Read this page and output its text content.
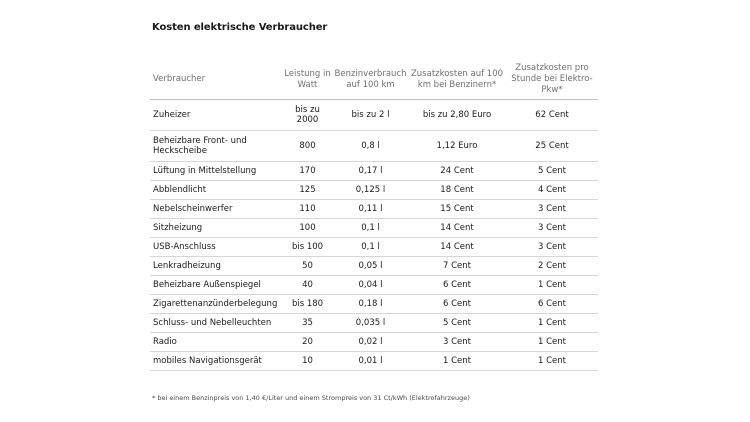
Kosten elektrische Verbraucher
Verbraucher	Leistung in Watt	Benzinverbrauch auf 100 km	Zusatzkosten auf 100 km bei Benzinern*	Zusatzkosten pro Stunde bei Elektro-Pkw*
Zuheizer	bis zu 2000	bis zu 2 l	bis zu 2,80 Euro	62 Cent
Beheizbare Front- und Heckscheibe	800	0,8 l	1,12 Euro	25 Cent
Lüftung in Mittelstellung	170	0,17 l	24 Cent	5 Cent
Abblendlicht	125	0,125 l	18 Cent	4 Cent
Nebelscheinwerfer	110	0,11 l	15 Cent	3 Cent
Sitzheizung	100	0,1 l	14 Cent	3 Cent
USB-Anschluss	bis 100	0,1 l	14 Cent	3 Cent
Lenkradheizung	50	0,05 l	7 Cent	2 Cent
Beheizbare Außenspiegel	40	0,04 l	6 Cent	1 Cent
Zigarettenanzünderbelegung	bis 180	0,18 l	6 Cent	6 Cent
Schluss- und Nebelleuchten	35	0,035 l	5 Cent	1 Cent
Radio	20	0,02 l	3 Cent	1 Cent
mobiles Navigationsgerät	10	0,01 l	1 Cent	1 Cent
* bei einem Benzinpreis von 1,40 €/Liter und einem Strompreis von 31 Ct/kWh (Elektrofahrzeuge)
